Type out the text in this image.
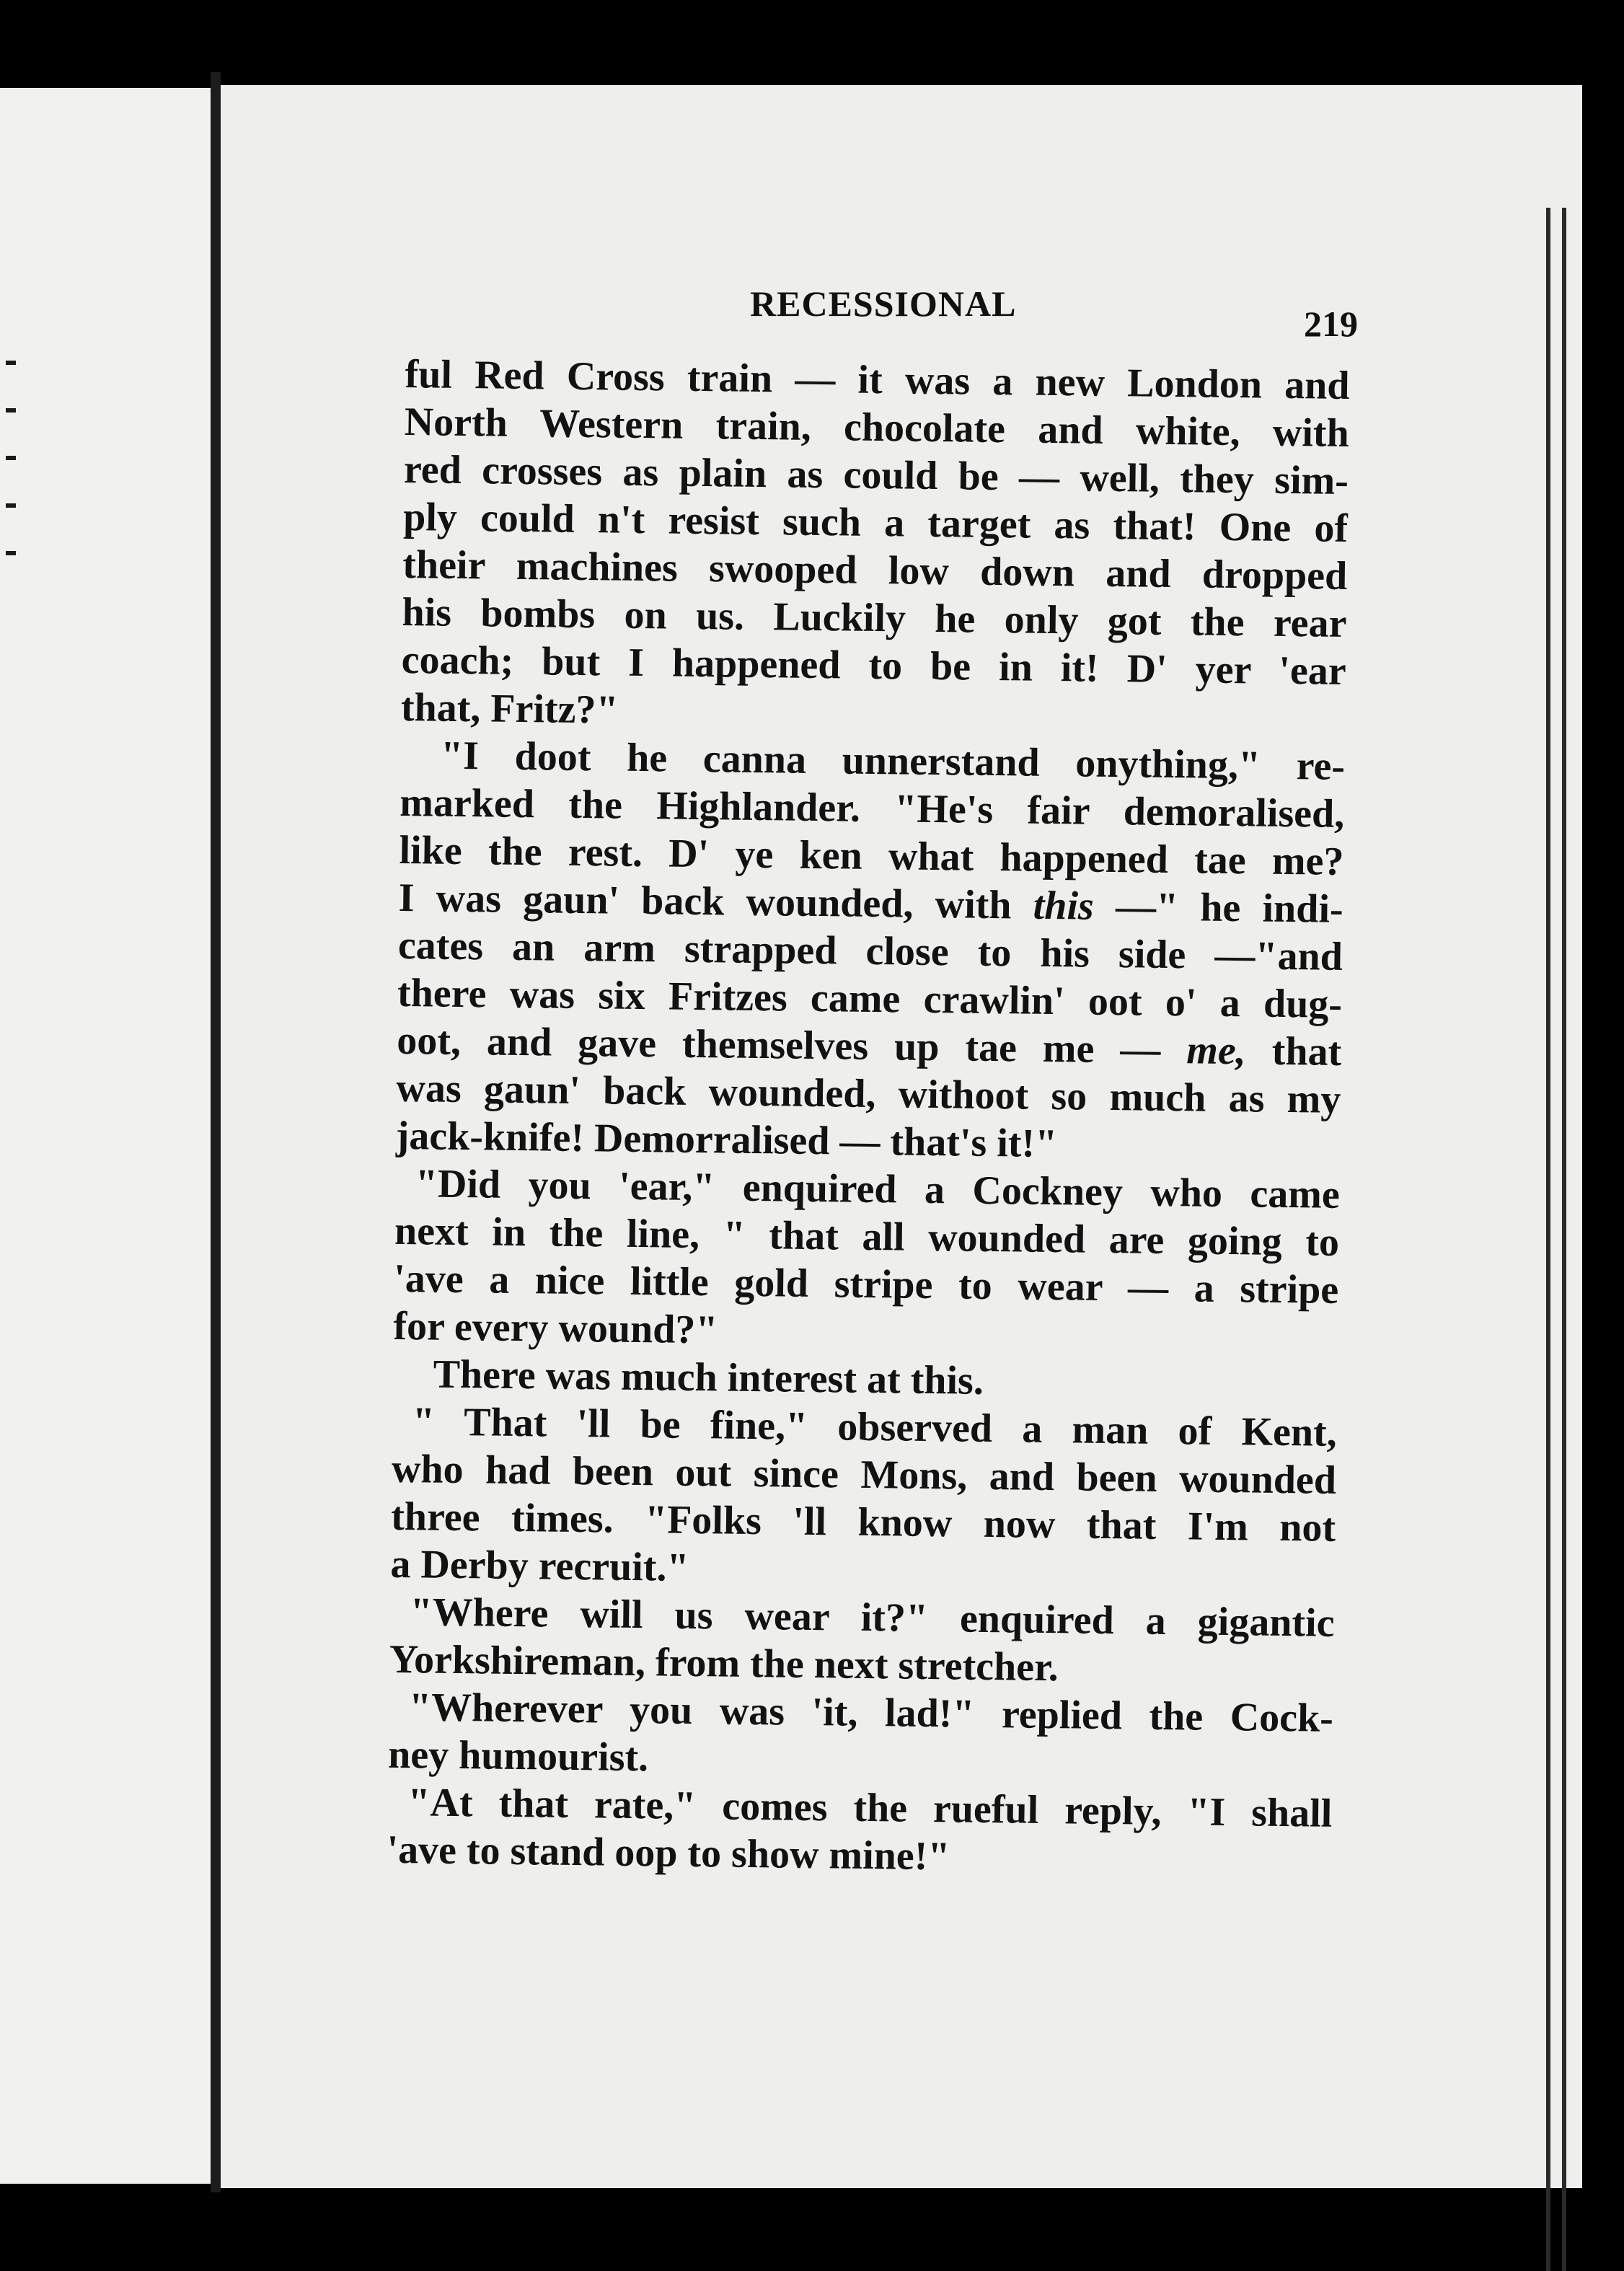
RECESSIONAL	219
ful Red Cross train — it was a new London and
North Western train, chocolate and white, with
red crosses as plain as could be — well, they sim-
ply could n't resist such a target as that! One of
their machines swooped low down and dropped
his bombs on us. Luckily he only got the rear
coach; but I happened to be in it! D' yer 'ear
that, Fritz?"
"I doot he canna unnerstand onything," re-
marked the Highlander. "He's fair demoralised,
like the rest. D' ye ken what happened tae me?
I was gaun' back wounded, with this —" he indi-
cates an arm strapped close to his side —"and
there was six Fritzes came crawlin' oot o' a dug-
oot, and gave themselves up tae me — me, that
was gaun' back wounded, withoot so much as my
jack-knife! Demorralised — that's it!"
"Did you 'ear," enquired a Cockney who came
next in the line, " that all wounded are going to
'ave a nice little gold stripe to wear — a stripe
for every wound?"
There was much interest at this.
" That 'll be fine," observed a man of Kent,
who had been out since Mons, and been wounded
three times. "Folks 'll know now that I'm not
a Derby recruit."
"Where will us wear it?" enquired a gigantic
Yorkshireman, from the next stretcher.
"Wherever you was 'it, lad!" replied the Cock-
ney humourist.
"At that rate," comes the rueful reply, "I shall
'ave to stand oop to show mine!"
